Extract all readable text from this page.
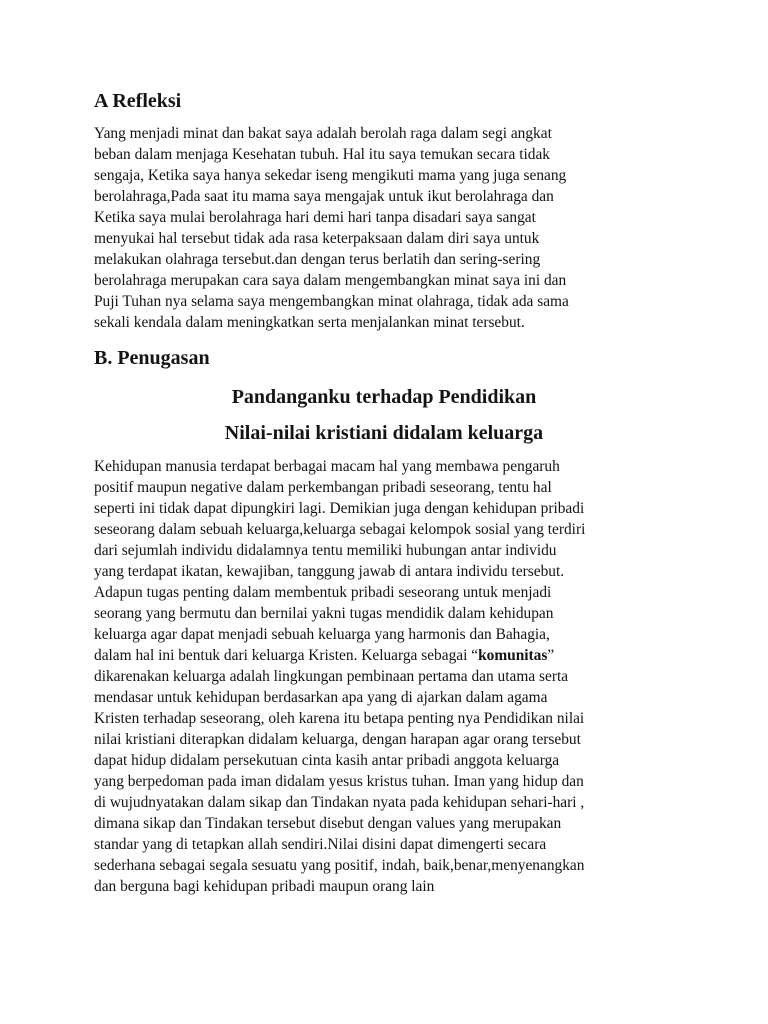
A Refleksi

Yang menjadi minat dan bakat saya adalah berolah raga dalam segi angkat
beban dalam menjaga Kesehatan tubuh. Hal itu saya temukan secara tidak
sengaja, Ketika saya hanya sekedar iseng mengikuti mama yang juga senang
berolahraga,Pada saat itu mama saya mengajak untuk ikut berolahraga dan
Ketika saya mulai berolahraga hari demi hari tanpa disadari saya sangat
menyukai hal tersebut tidak ada rasa keterpaksaan dalam diri saya untuk
melakukan olahraga tersebut.dan dengan terus berlatih dan sering-sering
berolahraga merupakan cara saya dalam mengembangkan minat saya ini dan
Puji Tuhan nya selama saya mengembangkan minat olahraga, tidak ada sama
sekali kendala dalam meningkatkan serta menjalankan minat tersebut.

B. Penugasan
Pandanganku terhadap Pendidikan
Nilai-nilai kristiani didalam keluarga

Kehidupan manusia terdapat berbagai macam hal yang membawa pengaruh
positif maupun negative dalam perkembangan pribadi seseorang, tentu hal
seperti ini tidak dapat dipungkiri lagi. Demikian juga dengan kehidupan pribadi
seseorang dalam sebuah keluarga,keluarga sebagai kelompok sosial yang terdiri
dari sejumlah individu didalamnya tentu memiliki hubungan antar individu
yang terdapat ikatan, kewajiban, tanggung jawab di antara individu tersebut.
Adapun tugas penting dalam membentuk pribadi seseorang untuk menjadi
seorang yang bermutu dan bernilai yakni tugas mendidik dalam kehidupan
keluarga agar dapat menjadi sebuah keluarga yang harmonis dan Bahagia,
dalam hal ini bentuk dari keluarga Kristen. Keluarga sebagai “komunitas”
dikarenakan keluarga adalah lingkungan pembinaan pertama dan utama serta
mendasar untuk kehidupan berdasarkan apa yang di ajarkan dalam agama
Kristen terhadap seseorang, oleh karena itu betapa penting nya Pendidikan nilai
nilai kristiani diterapkan didalam keluarga, dengan harapan agar orang tersebut
dapat hidup didalam persekutuan cinta kasih antar pribadi anggota keluarga
yang berpedoman pada iman didalam yesus kristus tuhan. Iman yang hidup dan
di wujudnyatakan dalam sikap dan Tindakan nyata pada kehidupan sehari-hari ,
dimana sikap dan Tindakan tersebut disebut dengan values yang merupakan
standar yang di tetapkan allah sendiri.Nilai disini dapat dimengerti secara
sederhana sebagai segala sesuatu yang positif, indah, baik,benar,menyenangkan
dan berguna bagi kehidupan pribadi maupun orang lain
